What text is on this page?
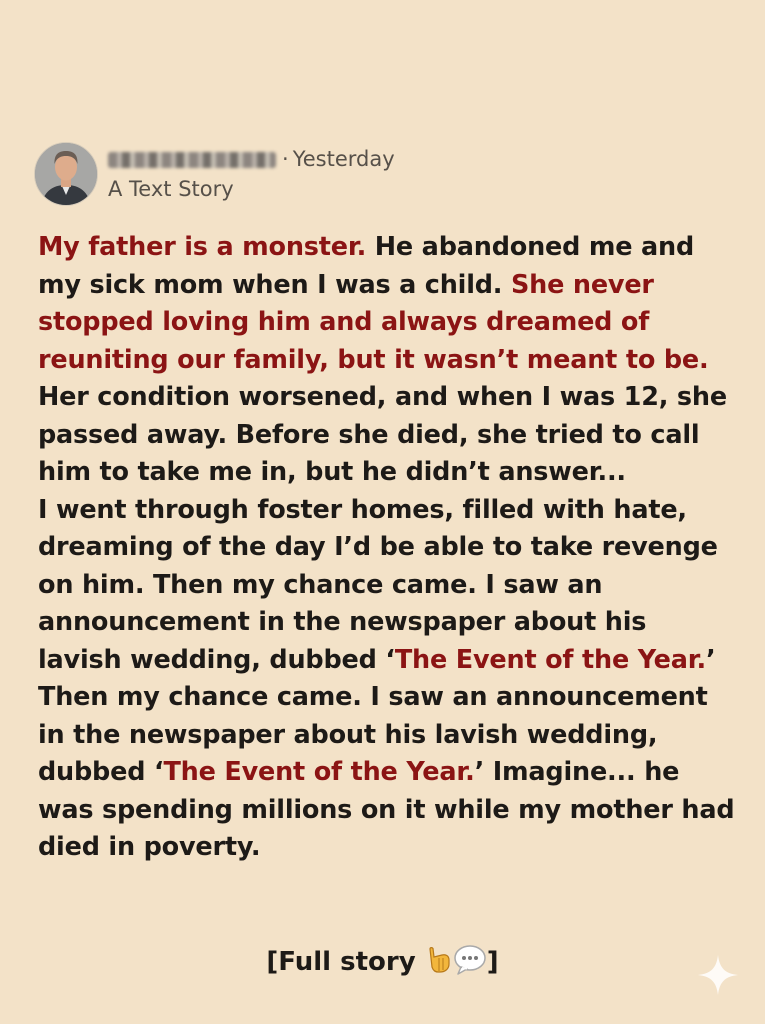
· Yesterday
A Text Story

My father is a monster. He abandoned me and my sick mom when I was a child. She never stopped loving him and always dreamed of reuniting our family, but it wasn’t meant to be. Her condition worsened, and when I was 12, she passed away. Before she died, she tried to call him to take me in, but he didn’t answer...

I went through foster homes, filled with hate, dreaming of the day I’d be able to take revenge on him. Then my chance came. I saw an announcement in the newspaper about his lavish wedding, dubbed ‘The Event of the Year.’

Then my chance came. I saw an announcement in the newspaper about his lavish wedding, dubbed ‘The Event of the Year.’ Imagine... he was spending millions on it while my mother had died in poverty.

[Full story ]
